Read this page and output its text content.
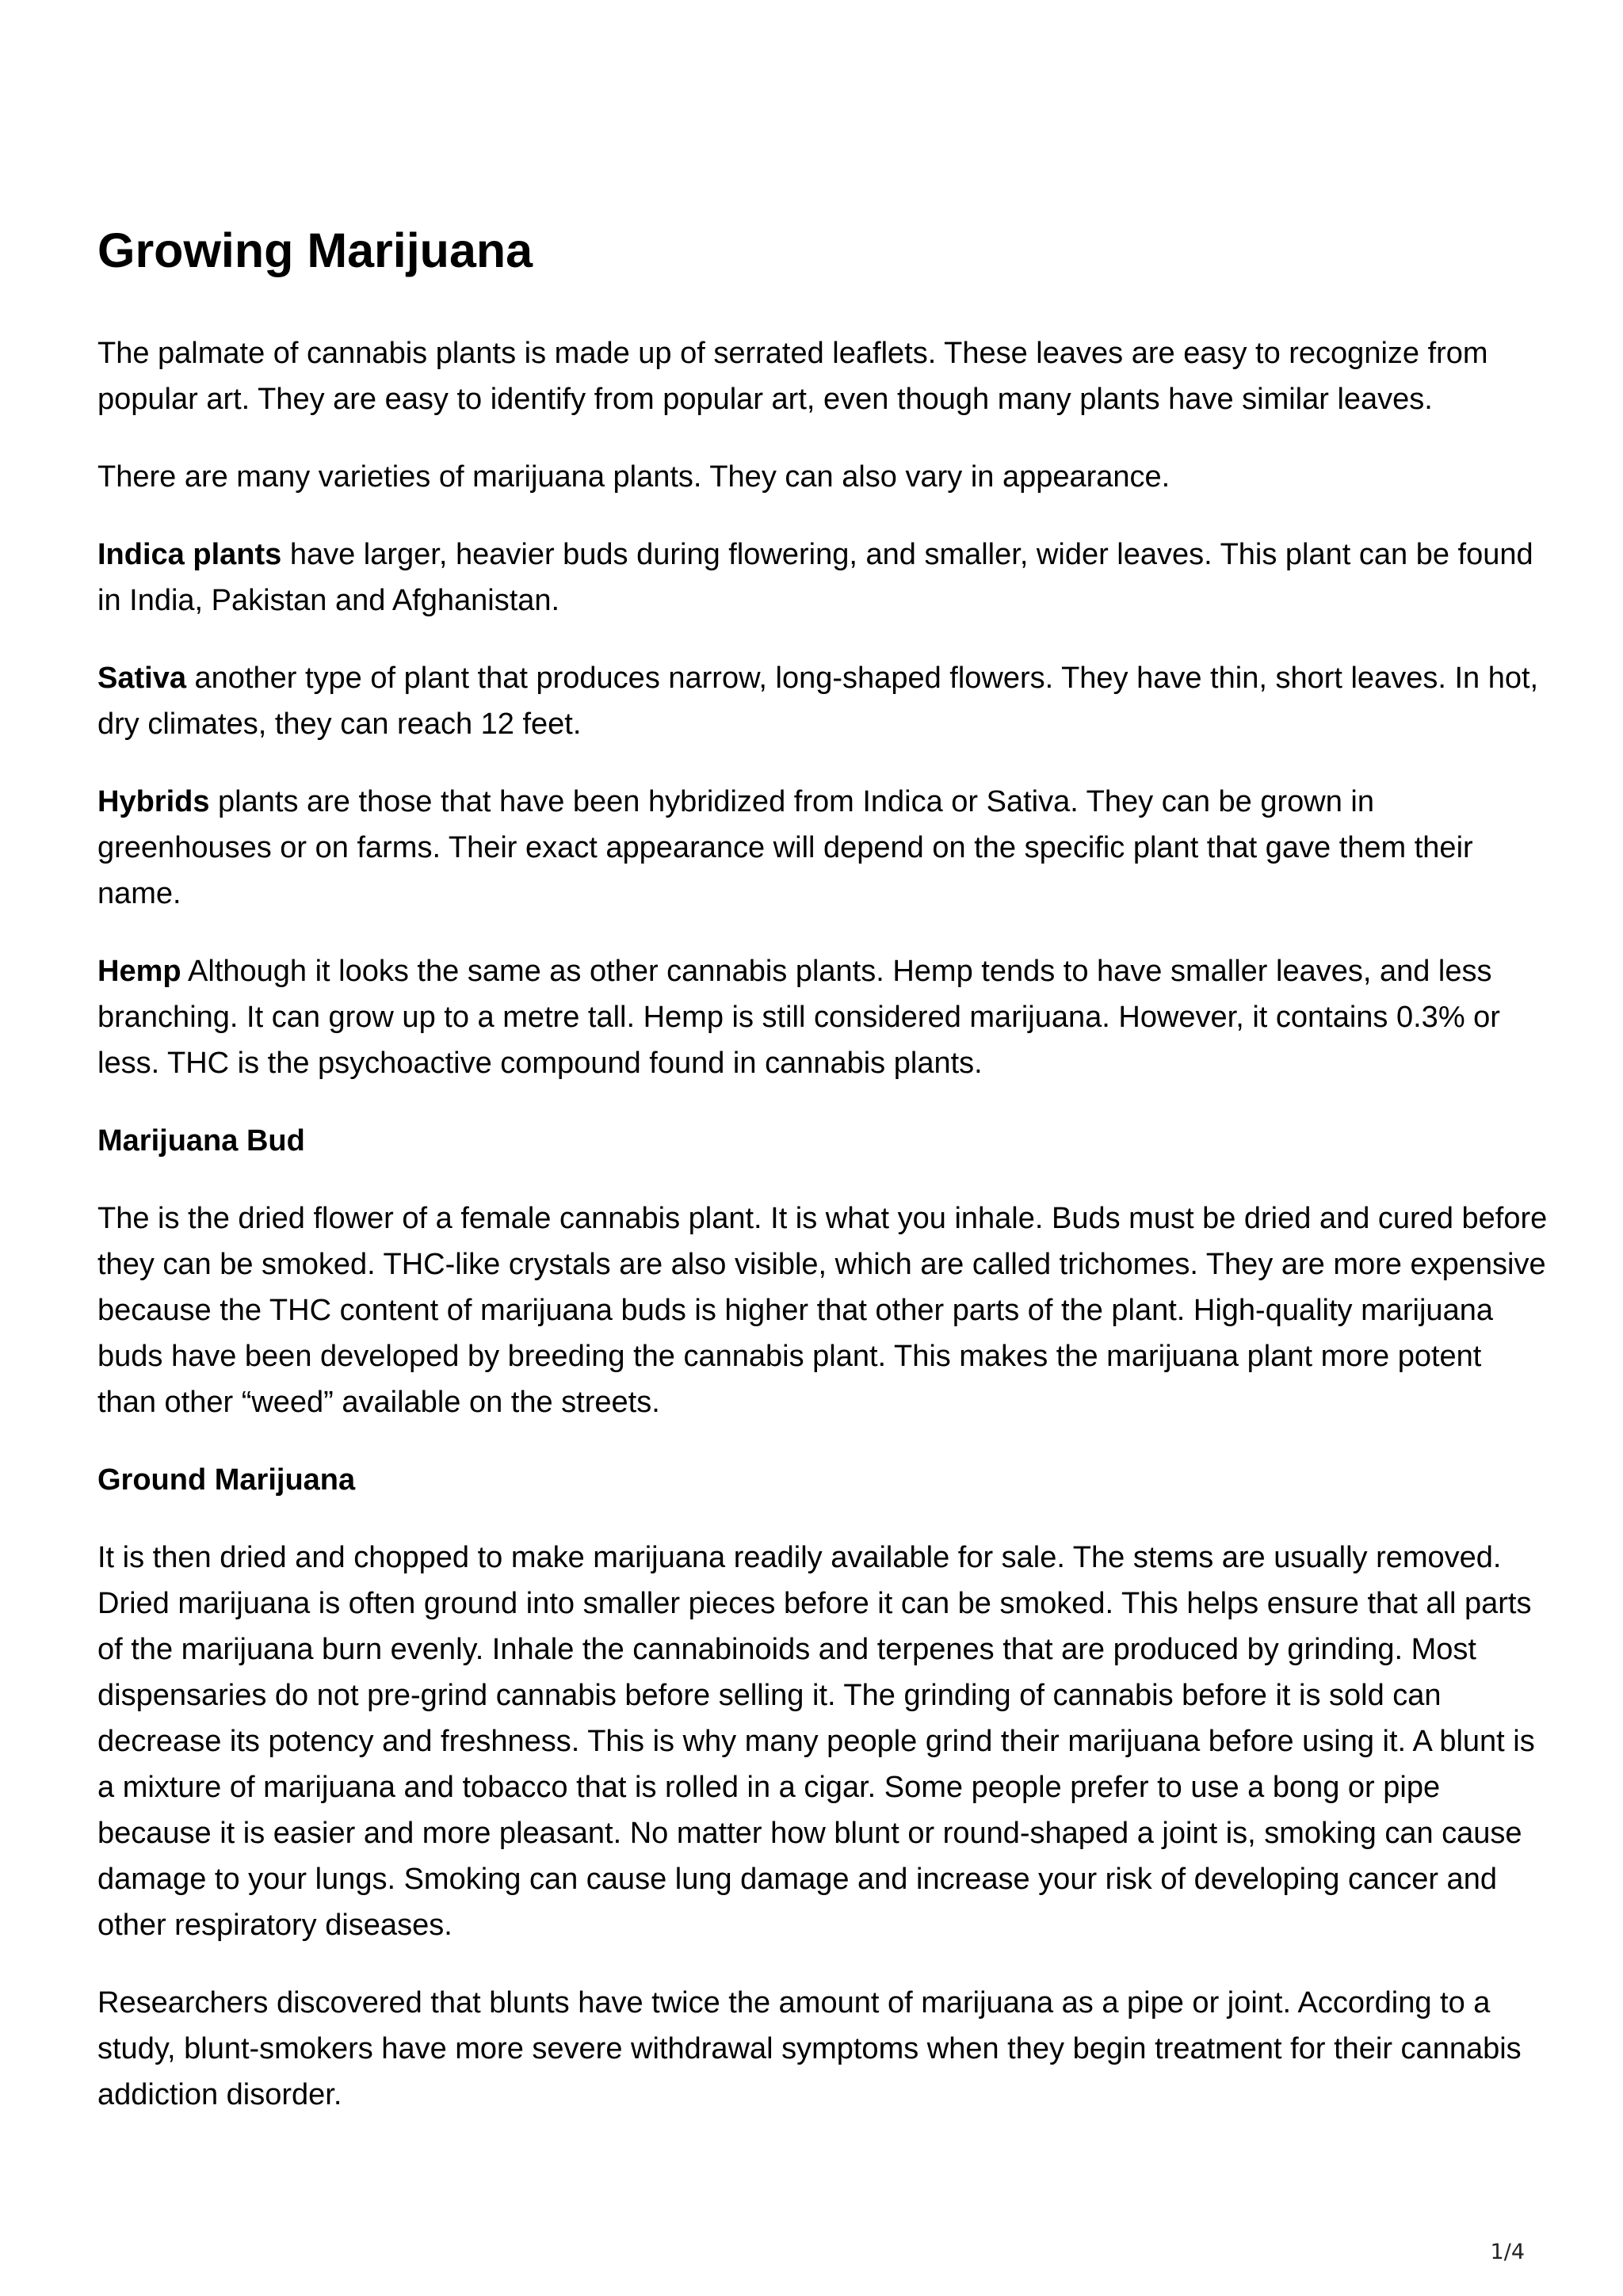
Growing Marijuana

The palmate of cannabis plants is made up of serrated leaflets. These leaves are easy to recognize from popular art. They are easy to identify from popular art, even though many plants have similar leaves.

There are many varieties of marijuana plants. They can also vary in appearance.

Indica plants have larger, heavier buds during flowering, and smaller, wider leaves. This plant can be found in India, Pakistan and Afghanistan.

Sativa another type of plant that produces narrow, long-shaped flowers. They have thin, short leaves. In hot, dry climates, they can reach 12 feet.

Hybrids plants are those that have been hybridized from Indica or Sativa. They can be grown in greenhouses or on farms. Their exact appearance will depend on the specific plant that gave them their name.

Hemp Although it looks the same as other cannabis plants. Hemp tends to have smaller leaves, and less branching. It can grow up to a metre tall. Hemp is still considered marijuana. However, it contains 0.3% or less. THC is the psychoactive compound found in cannabis plants.

Marijuana Bud

The is the dried flower of a female cannabis plant. It is what you inhale. Buds must be dried and cured before they can be smoked. THC-like crystals are also visible, which are called trichomes. They are more expensive because the THC content of marijuana buds is higher that other parts of the plant. High-quality marijuana buds have been developed by breeding the cannabis plant. This makes the marijuana plant more potent than other “weed” available on the streets.

Ground Marijuana

It is then dried and chopped to make marijuana readily available for sale. The stems are usually removed. Dried marijuana is often ground into smaller pieces before it can be smoked. This helps ensure that all parts of the marijuana burn evenly. Inhale the cannabinoids and terpenes that are produced by grinding. Most dispensaries do not pre-grind cannabis before selling it. The grinding of cannabis before it is sold can decrease its potency and freshness. This is why many people grind their marijuana before using it. A blunt is a mixture of marijuana and tobacco that is rolled in a cigar. Some people prefer to use a bong or pipe because it is easier and more pleasant. No matter how blunt or round-shaped a joint is, smoking can cause damage to your lungs. Smoking can cause lung damage and increase your risk of developing cancer and other respiratory diseases.

Researchers discovered that blunts have twice the amount of marijuana as a pipe or joint. According to a study, blunt-smokers have more severe withdrawal symptoms when they begin treatment for their cannabis addiction disorder.

1/4
